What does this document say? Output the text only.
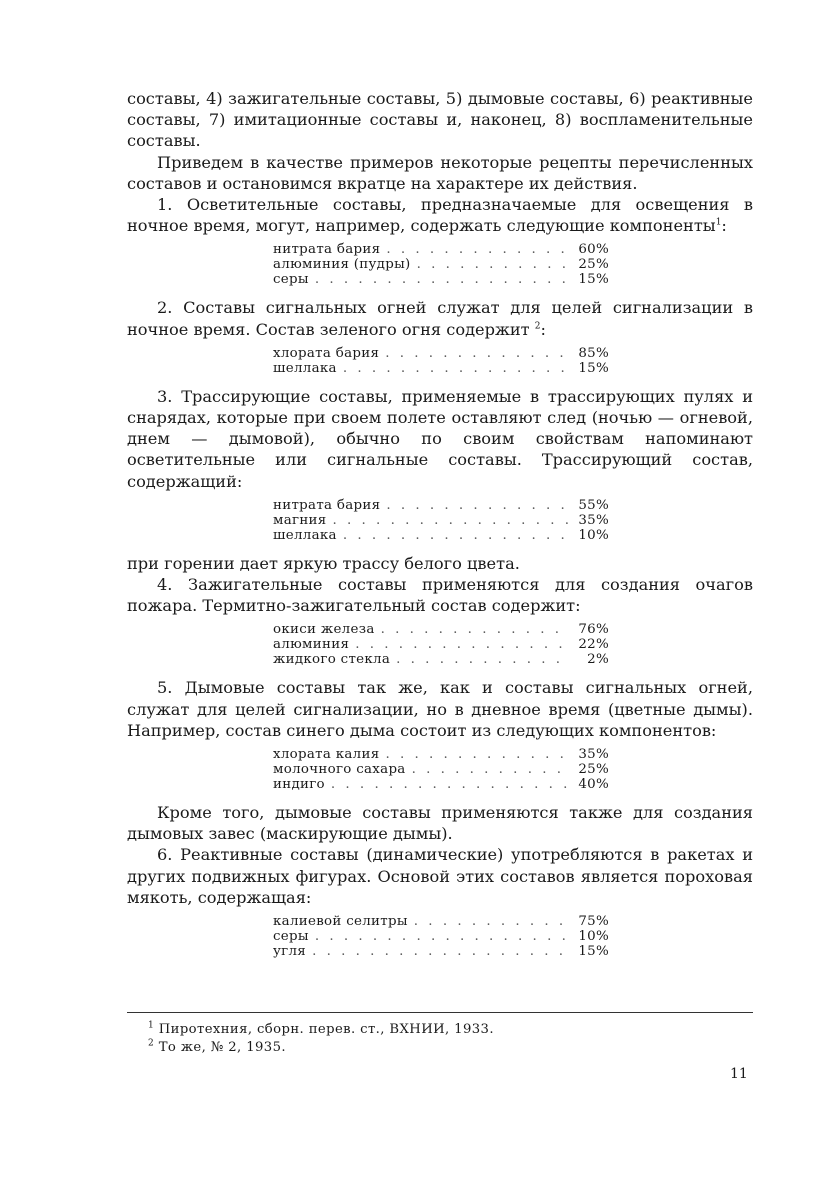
составы, 4) зажигательные составы, 5) дымовые составы, 6) реактивные составы, 7) имитационные составы и, наконец, 8) воспламенительные составы.

Приведем в качестве примеров некоторые рецепты перечисленных составов и остановимся вкратце на характере их действия.

1. Осветительные составы, предназначаемые для освещения в ночное время, могут, например, содержать следующие компоненты$^1$:

нитрата бария . . .	60%
алюминия (пудры) . . .	25%
серы . . .	15%

2. Составы сигнальных огней служат для целей сигнализации в ночное время. Состав зеленого огня содержит $^2$:

хлората бария . . .	85%
шеллака . . .	15%

3. Трассирующие составы, применяемые в трассирующих пулях и снарядах, которые при своем полете оставляют след (ночью — огневой, днем — дымовой), обычно по своим свойствам напоминают осветительные или сигнальные составы. Трассирующий состав, содержащий:

нитрата бария . . .	55%
магния . . .	35%
шеллака . . .	10%

при горении дает яркую трассу белого цвета.

4. Зажигательные составы применяются для создания очагов пожара. Термитно-зажигательный состав содержит:

окиси железа . . .	76%
алюминия . . .	22%
жидкого стекла . . .	2%

5. Дымовые составы так же, как и составы сигнальных огней, служат для целей сигнализации, но в дневное время (цветные дымы). Например, состав синего дыма состоит из следующих компонентов:

хлората калия . . .	35%
молочного сахара . . .	25%
индиго . . .	40%

Кроме того, дымовые составы применяются также для создания дымовых завес (маскирующие дымы).

6. Реактивные составы (динамические) употребляются в ракетах и других подвижных фигурах. Основой этих составов является пороховая мякоть, содержащая:

калиевой селитры . . .	75%
серы . . .	10%
угля . . .	15%

$^1$ Пиротехния, сборн. перев. ст., ВХНИИ, 1933.

$^2$ То же, № 2, 1935.

11
